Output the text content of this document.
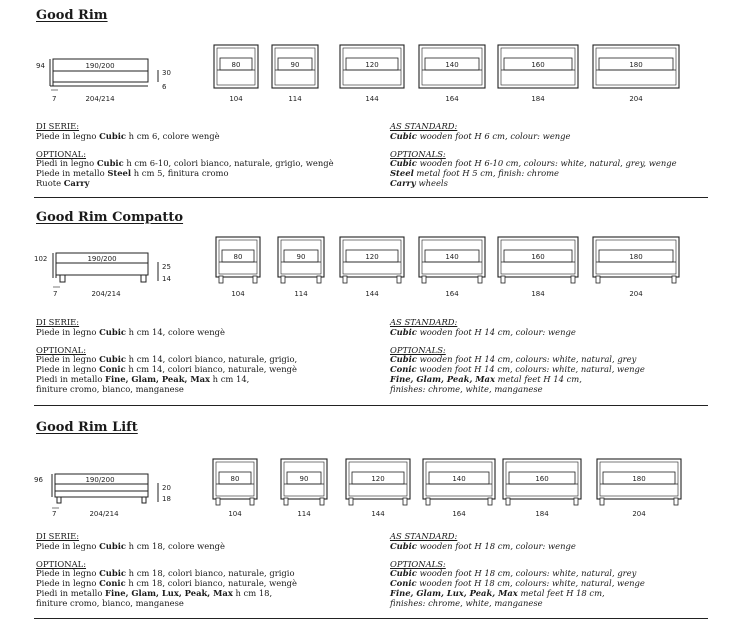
Good Rim
94	190/200
30
6
7	204/214
80
104
90
114
120
144
140
164
160
184
180
204
DI SERIE:
Piede in legno Cubic h cm 6, colore wengè
OPTIONAL:
Piedi in legno Cubic h cm 6-10, colori bianco, naturale, grigio, wengè
Piede in metallo Steel h cm 5, finitura cromo
Ruote Carry
AS STANDARD:
Cubic wooden foot H 6 cm, colour: wenge
OPTIONALS:
Cubic wooden foot H 6-10 cm, colours: white, natural, grey, wenge
Steel metal foot H 5 cm, finish: chrome
Carry wheels
Good Rim Compatto
102	190/200
25
14
7	204/214
80
104
90
114
120
144
140
164
160
184
180
204
DI SERIE:
Piede in legno Cubic h cm 14, colore wengè
OPTIONAL:
Piede in legno Cubic h cm 14, colori bianco, naturale, grigio,
Piede in legno Conic h cm 14, colori bianco, naturale, wengè
Piedi in metallo Fine, Glam, Peak, Max h cm 14,
finiture cromo, bianco, manganese
AS STANDARD:
Cubic wooden foot H 14 cm, colour: wenge
OPTIONALS:
Cubic wooden foot H 14 cm, colours: white, natural, grey
Conic wooden foot H 14 cm, colours: white, natural, wenge
Fine, Glam, Peak, Max metal feet H 14 cm,
finishes: chrome, white, manganese
Good Rim Lift
96	190/200
20
18
7	204/214
80
104
90
114
120
144
140
164
160
184
180
204
DI SERIE:
Piede in legno Cubic h cm 18, colore wengè
OPTIONAL:
Piede in legno Cubic h cm 18, colori bianco, naturale, grigio
Piede in legno Conic h cm 18, colori bianco, naturale, wengè
Piedi in metallo Fine, Glam, Lux, Peak, Max h cm 18,
finiture cromo, bianco, manganese
AS STANDARD:
Cubic wooden foot H 18 cm, colour: wenge
OPTIONALS:
Cubic wooden foot H 18 cm, colours: white, natural, grey
Conic wooden foot H 18 cm, colours: white, natural, wenge
Fine, Glam, Lux, Peak, Max metal feet H 18 cm,
finishes: chrome, white, manganese
